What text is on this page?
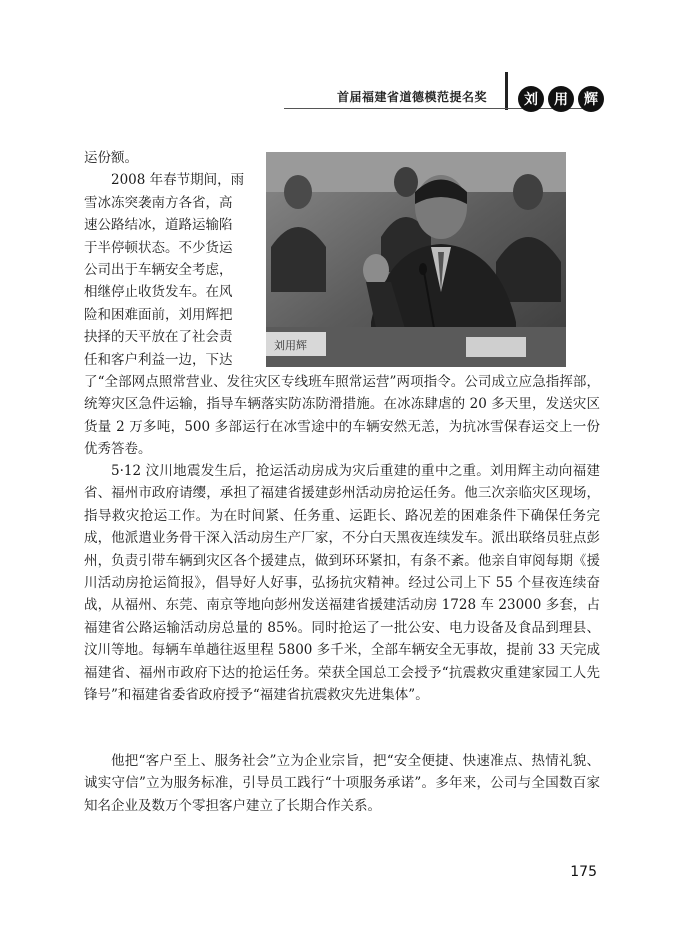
首届福建省道德模范提名奖	刘	用	辉
刘用辉
运份额。
　　2008 年春节期间，雨
雪冰冻突袭南方各省，高
速公路结冰，道路运输陷
于半停顿状态。不少货运
公司出于车辆安全考虑，
相继停止收货发车。在风
险和困难面前，刘用辉把
抉择的天平放在了社会责
任和客户利益一边，下达

了“全部网点照常营业、发往灾区专线班车照常运营”两项指令。公司成立应急指挥部，统筹灾区急件运输，指导车辆落实防冻防滑措施。在冰冻肆虐的 20 多天里，发送灾区货量 2 万多吨，500 多部运行在冰雪途中的车辆安然无恙，为抗冰雪保春运交上一份优秀答卷。

5·12 汶川地震发生后，抢运活动房成为灾后重建的重中之重。刘用辉主动向福建省、福州市政府请缨，承担了福建省援建彭州活动房抢运任务。他三次亲临灾区现场，指导救灾抢运工作。为在时间紧、任务重、运距长、路况差的困难条件下确保任务完成，他派遣业务骨干深入活动房生产厂家，不分白天黑夜连续发车。派出联络员驻点彭州，负责引带车辆到灾区各个援建点，做到环环紧扣，有条不紊。他亲自审阅每期《援川活动房抢运简报》，倡导好人好事，弘扬抗灾精神。经过公司上下 55 个昼夜连续奋战，从福州、东莞、南京等地向彭州发送福建省援建活动房 1728 车 23000 多套，占福建省公路运输活动房总量的 85%。同时抢运了一批公安、电力设备及食品到理县、汶川等地。每辆车单趟往返里程 5800 多千米，全部车辆安全无事故，提前 33 天完成福建省、福州市政府下达的抢运任务。荣获全国总工会授予“抗震救灾重建家园工人先锋号”和福建省委省政府授予“福建省抗震救灾先进集体”。

他把“客户至上、服务社会”立为企业宗旨，把“安全便捷、快速准点、热情礼貌、诚实守信”立为服务标准，引导员工践行“十项服务承诺”。多年来，公司与全国数百家知名企业及数万个零担客户建立了长期合作关系。

175
